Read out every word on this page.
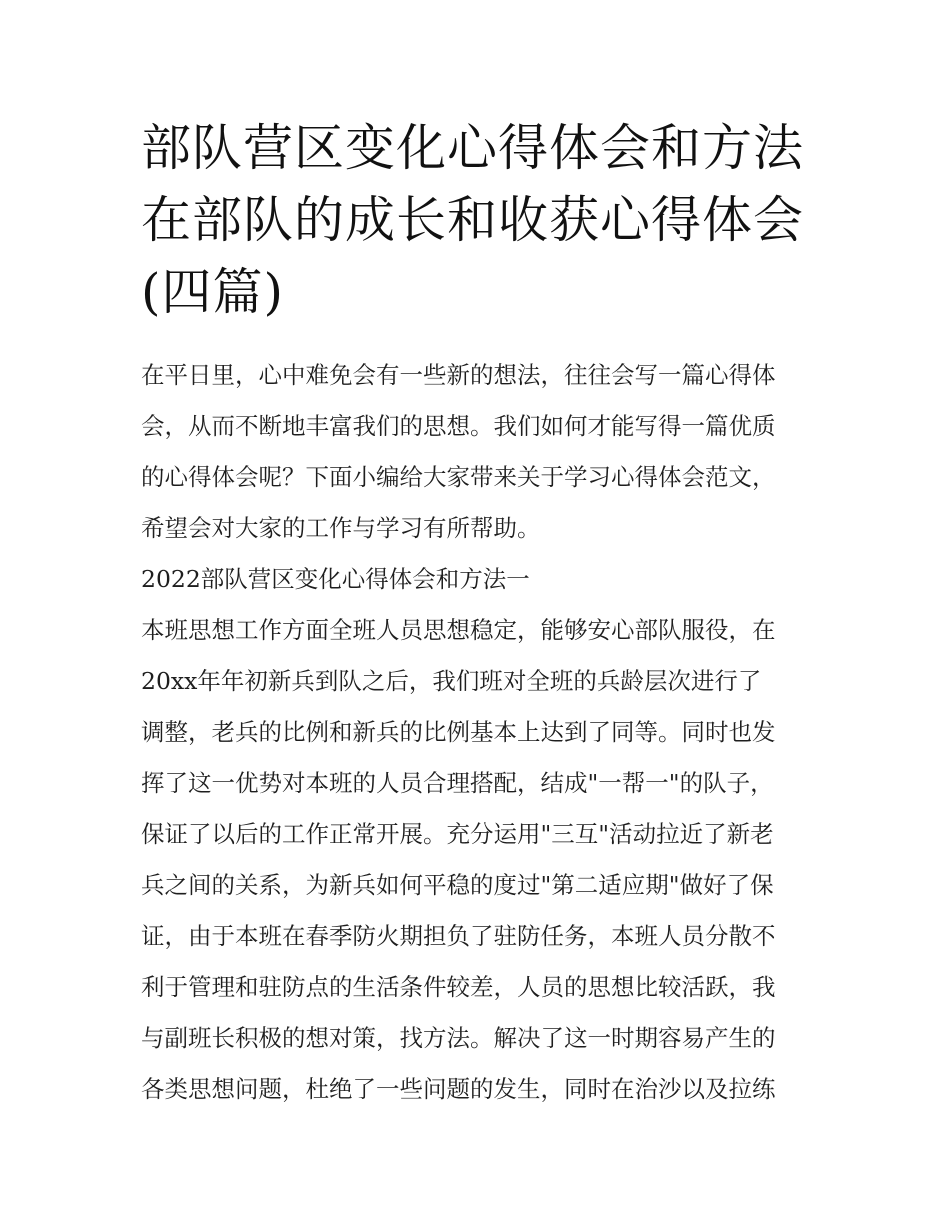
部队营区变化心得体会和方法
在部队的成长和收获心得体会
(四篇)

在平日里，心中难免会有一些新的想法，往往会写一篇心得体
会，从而不断地丰富我们的思想。我们如何才能写得一篇优质
的心得体会呢？下面小编给大家带来关于学习心得体会范文，
希望会对大家的工作与学习有所帮助。

2022部队营区变化心得体会和方法一

本班思想工作方面全班人员思想稳定，能够安心部队服役，在
20xx年年初新兵到队之后，我们班对全班的兵龄层次进行了
调整，老兵的比例和新兵的比例基本上达到了同等。同时也发
挥了这一优势对本班的人员合理搭配，结成"一帮一"的队子，
保证了以后的工作正常开展。充分运用"三互"活动拉近了新老
兵之间的关系，为新兵如何平稳的度过"第二适应期"做好了保
证，由于本班在春季防火期担负了驻防任务，本班人员分散不
利于管理和驻防点的生活条件较差，人员的思想比较活跃，我
与副班长积极的想对策，找方法。解决了这一时期容易产生的
各类思想问题，杜绝了一些问题的发生，同时在治沙以及拉练
